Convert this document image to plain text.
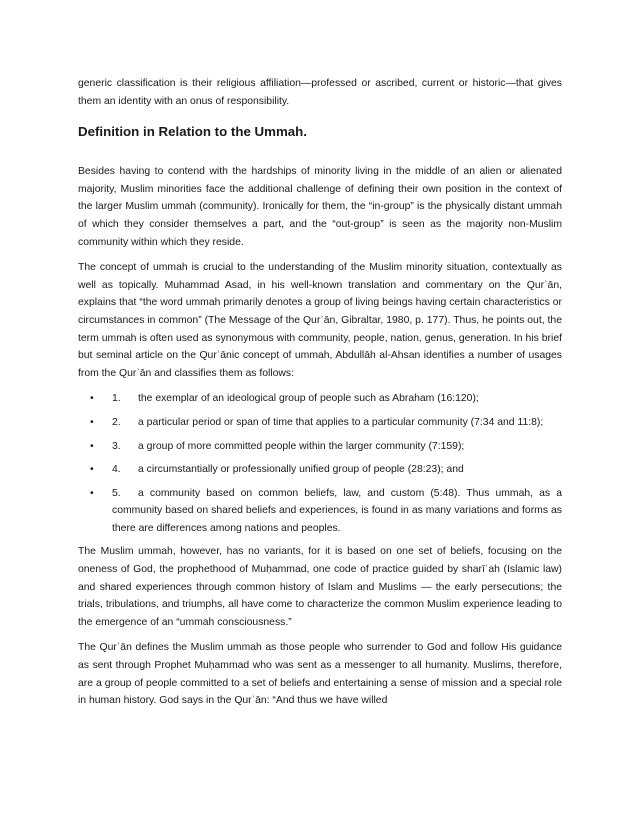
generic classification is their religious affiliation—professed or ascribed, current or historic—that gives them an identity with an onus of responsibility.

Definition in Relation to the Ummah.

Besides having to contend with the hardships of minority living in the middle of an alien or alienated majority, Muslim minorities face the additional challenge of defining their own position in the context of the larger Muslim ummah (community). Ironically for them, the “in-group” is the physically distant ummah of which they consider themselves a part, and the “out-group” is seen as the majority non-Muslim community within which they reside.

The concept of ummah is crucial to the understanding of the Muslim minority situation, contextually as well as topically. Muhammad Asad, in his well-known translation and commentary on the Qurʾān, explains that “the word ummah primarily denotes a group of living beings having certain characteristics or circumstances in common” (The Message of the Qurʾān, Gibraltar, 1980, p. 177). Thus, he points out, the term ummah is often used as synonymous with community, people, nation, genus, generation. In his brief but seminal article on the Qurʾānic concept of ummah, Abdullāh al-Ahsan identifies a number of usages from the Qurʾān and classifies them as follows:

• 1. the exemplar of an ideological group of people such as Abraham (16:120);
• 2. a particular period or span of time that applies to a particular community (7:34 and 11:8);
• 3. a group of more committed people within the larger community (7:159);
• 4. a circumstantially or professionally unified group of people (28:23); and
• 5. a community based on common beliefs, law, and custom (5:48). Thus ummah, as a community based on shared beliefs and experiences, is found in as many variations and forms as there are differences among nations and peoples.

The Muslim ummah, however, has no variants, for it is based on one set of beliefs, focusing on the oneness of God, the prophethood of Muḥammad, one code of practice guided by sharīʿah (Islamic law) and shared experiences through common history of Islam and Muslims — the early persecutions; the trials, tribulations, and triumphs, all have come to characterize the common Muslim experience leading to the emergence of an “ummah consciousness.”

The Qurʾān defines the Muslim ummah as those people who surrender to God and follow His guidance as sent through Prophet Muḥammad who was sent as a messenger to all humanity. Muslims, therefore, are a group of people committed to a set of beliefs and entertaining a sense of mission and a special role in human history. God says in the Qurʾān: “And thus we have willed
